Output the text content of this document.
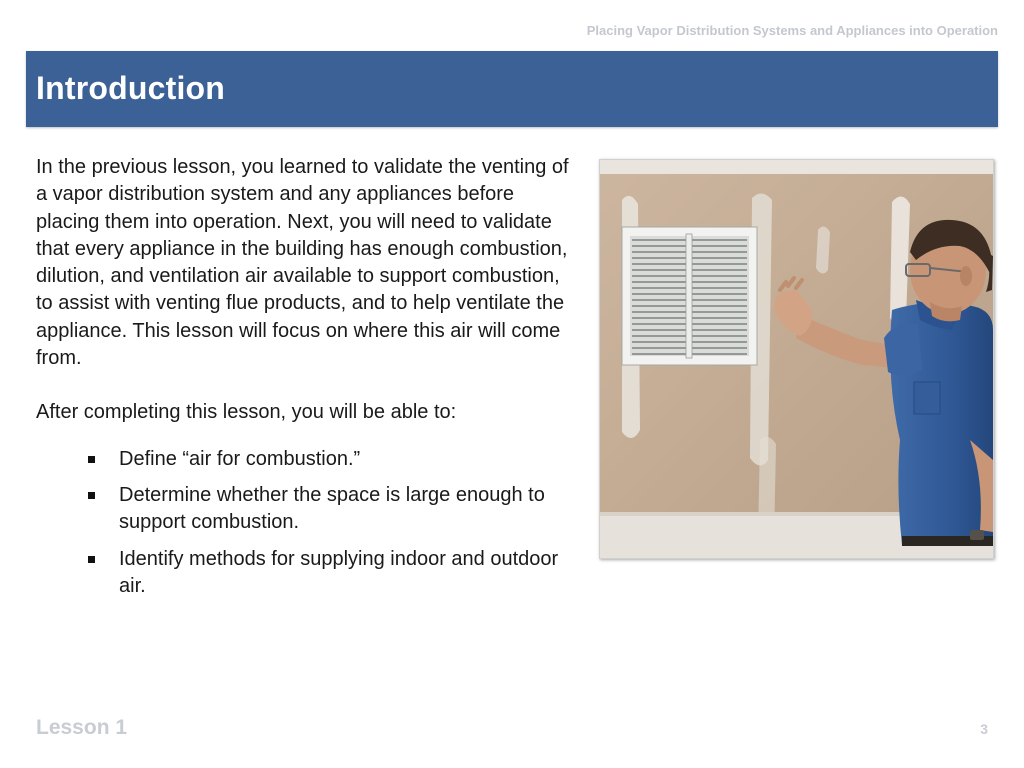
Placing Vapor Distribution Systems and Appliances into Operation
Introduction

In the previous lesson, you learned to validate the venting of a vapor distribution system and any appliances before placing them into operation. Next, you will need to validate that every appliance in the building has enough combustion, dilution, and ventilation air available to support combustion, to assist with venting flue products, and to help ventilate the appliance. This lesson will focus on where this air will come from.

After completing this lesson, you will be able to:

Define “air for combustion.”
Determine whether the space is large enough to support combustion.
Identify methods for supplying indoor and outdoor air.
Lesson 1	3
